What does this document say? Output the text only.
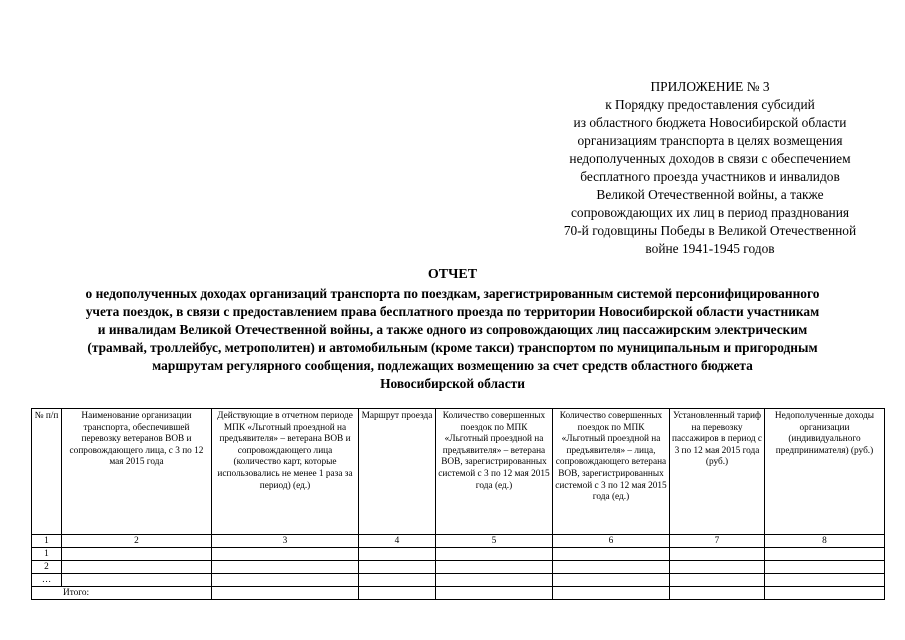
ПРИЛОЖЕНИЕ № 3
к Порядку предоставления субсидий
из областного бюджета Новосибирской области
организациям транспорта в целях возмещения
недополученных доходов в связи с обеспечением
бесплатного проезда участников и инвалидов
Великой Отечественной войны, а также
сопровождающих их лиц в период празднования
70-й годовщины Победы в Великой Отечественной
войне 1941-1945 годов
ОТЧЕТ
о недополученных доходах организаций транспорта по поездкам, зарегистрированным системой персонифицированного
учета поездок, в связи с предоставлением права бесплатного проезда по территории Новосибирской области участникам
и инвалидам Великой Отечественной войны, а также одного из сопровождающих лиц пассажирским электрическим
(трамвай, троллейбус, метрополитен) и автомобильным (кроме такси) транспортом по муниципальным и пригородным
маршрутам регулярного сообщения, подлежащих возмещению за счет средств областного бюджета
Новосибирской области
№ п/п	Наименование организации транспорта, обеспечившей перевозку ветеранов ВОВ и сопровождающего лица, с 3 по 12 мая 2015 года	Действующие в отчетном периоде МПК «Льготный проездной на предъявителя» – ветерана ВОВ и сопровождающего лица (количество карт, которые использовались не менее 1 раза за период) (ед.)	Маршрут проезда	Количество совершенных поездок по МПК «Льготный проездной на предъявителя» – ветерана ВОВ, зарегистрированных системой с 3 по 12 мая 2015 года (ед.)	Количество совершенных поездок по МПК «Льготный проездной на предъявителя» – лица, сопровождающего ветерана ВОВ, зарегистрированных системой с 3 по 12 мая 2015 года (ед.)	Установленный тариф на перевозку пассажиров в период с 3 по 12 мая 2015 года (руб.)	Недополученные доходы организации (индивидуального предпринимателя) (руб.)
1	2	3	4	5	6	7	8
1							
2							
…							
Итого:							
